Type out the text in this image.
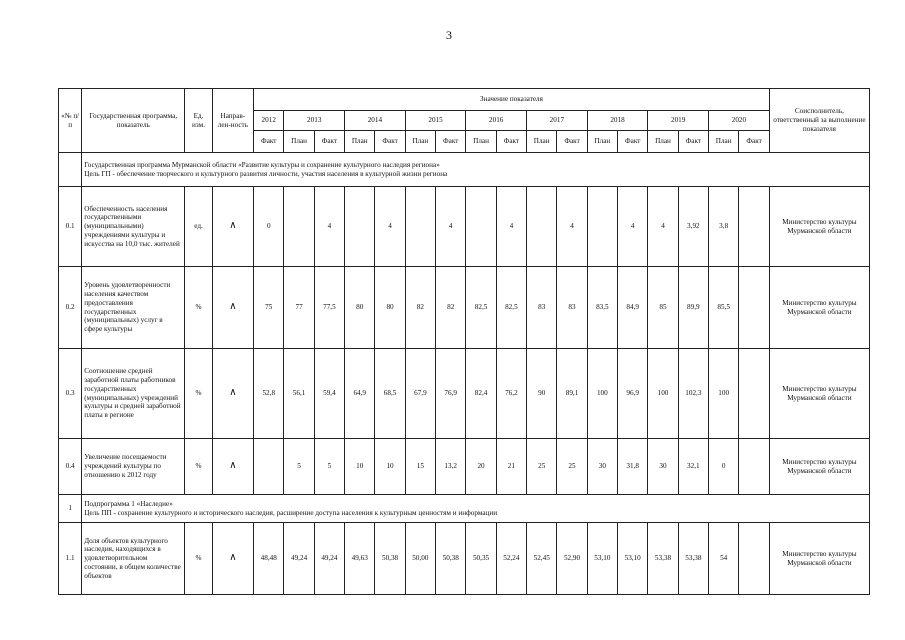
3
«№ п/п	Государственная программа, показатель	Ед. изм.	Направ-лен-ность	Значение показателя																	Соисполнитель, ответственный за выполнение показателя
				2012	2013		2014		2015		2016		2017		2018		2019		2020		
				Факт	План	Факт	План	Факт	План	Факт	План	Факт	План	Факт	План	Факт	План	Факт	План	Факт	

	Государственная программа Мурманской области «Развитие культуры и сохранение культурного наследия региона»
Цель ГП - обеспечение творческого и культурного развития личности, участия населения в культурной жизни региона																				

0.1	Обеспеченность населения государственными (муниципальными) учреждениями культуры и искусства на 10,0 тыс. жителей	ед.	∧	0		4		4		4		4		4		4	4	3,92	3,8		Министерство культуры Мурманской области
0.2	Уровень удовлетворенности населения качеством предоставления государственных (муниципальных) услуг в сфере культуры	%	∧	75	77	77,5	80	80	82	82	82,5	82,5	83	83	83,5	84,9	85	89,9	85,5		Министерство культуры Мурманской области
0.3	Соотношение средней заработной платы работников государственных (муниципальных) учреждений культуры и средней заработной платы в регионе	%	∧	52,8	56,1	59,4	64,9	68,5	67,9	76,9	82,4	76,2	90	89,1	100	96,9	100	102,3	100		Министерство культуры Мурманской области
0.4	Увеличение посещаемости учреждений культуры по отношению к 2012 году	%	∧		5	5	10	10	15	13,2	20	21	25	25	30	31,8	30	32,1	0		Министерство культуры Мурманской области
1	Подпрограмма 1 «Наследие»
Цель ПП - сохранение культурного и исторического наследия, расширение доступа населения к культурным ценностям и информации																				

1.1	Доля объектов культурного наследия, находящихся в удовлетворительном состоянии, в общем количестве объектов	%	∧	48,48	49,24	49,24	49,63	50,38	50,00	50,38	50,35	52,24	52,45	52,90	53,10	53,10	53,38	53,38	54		Министерство культуры Мурманской области
